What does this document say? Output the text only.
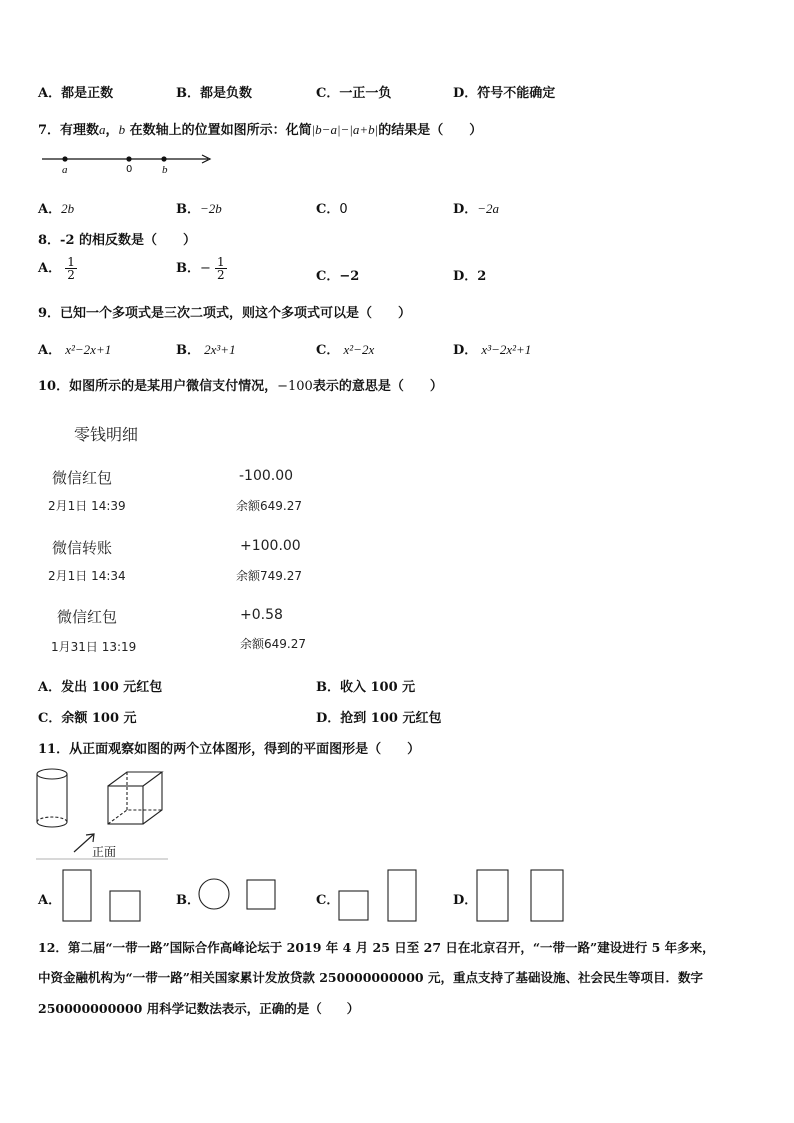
A．都是正数	B．都是负数	C．一正一负	D．符号不能确定
7．有理数a，b 在数轴上的位置如图所示：化简|b−a|−|a+b|的结果是（　　）
a	0	b
A．2b	B．−2b	C．0	D．−2a
8．-2 的相反数是（　　）
A． $\frac{1}{2}$	B．− $\frac{1}{2}$	C．−2	D．2
9．已知一个多项式是三次二项式，则这个多项式可以是（　　）
A． x²−2x+1	B． 2x³+1	C． x²−2x	D． x³−2x²+1
10．如图所示的是某用户微信支付情况，−100表示的意思是（　　）
零钱明细
微信红包
2月1日 14:39
-100.00
余额649.27
微信转账
2月1日 14:34
+100.00
余额749.27
微信红包
1月31日 13:19
+0.58
余额649.27
A．发出 100 元红包	B．收入 100 元
C．余额 100 元	D．抢到 100 元红包
11．从正面观察如图的两个立体图形，得到的平面图形是（　　）
正面
A．	B．	C．	D．
12．第二届“一带一路”国际合作高峰论坛于 2019 年 4 月 25 日至 27 日在北京召开，“一带一路”建设进行 5 年多来，
中资金融机构为“一带一路”相关国家累计发放贷款 250000000000 元，重点支持了基础设施、社会民生等项目．数字
250000000000 用科学记数法表示，正确的是（　　）
